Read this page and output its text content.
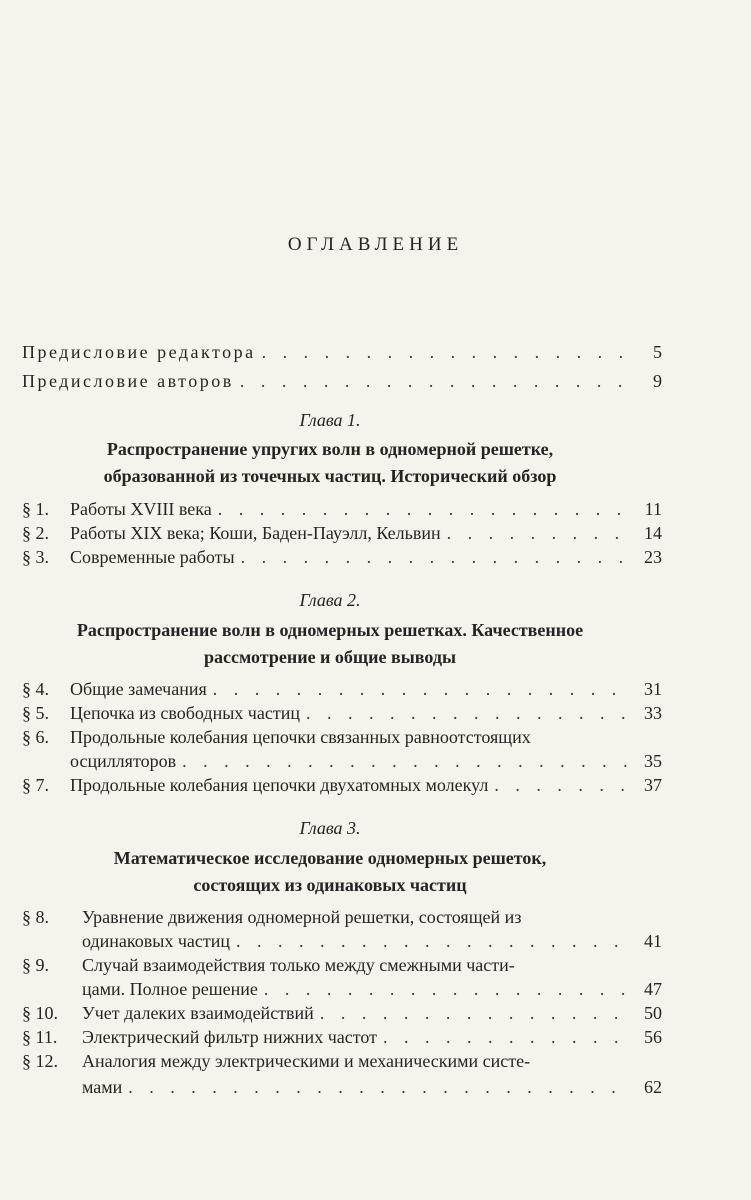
ОГЛАВЛЕНИЕ
Предисловие редактора . . .	5
Предисловие авторов . . .	9
Глава 1.
Распространение упругих волн в одномерной решетке,
образованной из точечных частиц. Исторический обзор
§ 1.	Работы XVIII века . . .	11
§ 2.	Работы XIX века; Коши, Баден-Пауэлл, Кельвин . . .	14
§ 3.	Современные работы . . .	23
Глава 2.
Распространение волн в одномерных решетках. Качественное
рассмотрение и общие выводы
§ 4.	Общие замечания . . .	31
§ 5.	Цепочка из свободных частиц . . .	33
§ 6.	Продольные колебания цепочки связанных равноотстоящих
осцилляторов . . .	35
§ 7.	Продольные колебания цепочки двухатомных молекул . . .	37
Глава 3.
Математическое исследование одномерных решеток,
состоящих из одинаковых частиц
§ 8.	Уравнение движения одномерной решетки, состоящей из
одинаковых частиц . . .	41
§ 9.	Случай взаимодействия только между смежными части-
цами. Полное решение . . .	47
§ 10.	Учет далеких взаимодействий . . .	50
§ 11.	Электрический фильтр нижних частот . . .	56
§ 12.	Аналогия между электрическими и механическими систе-
мами . . .	62
